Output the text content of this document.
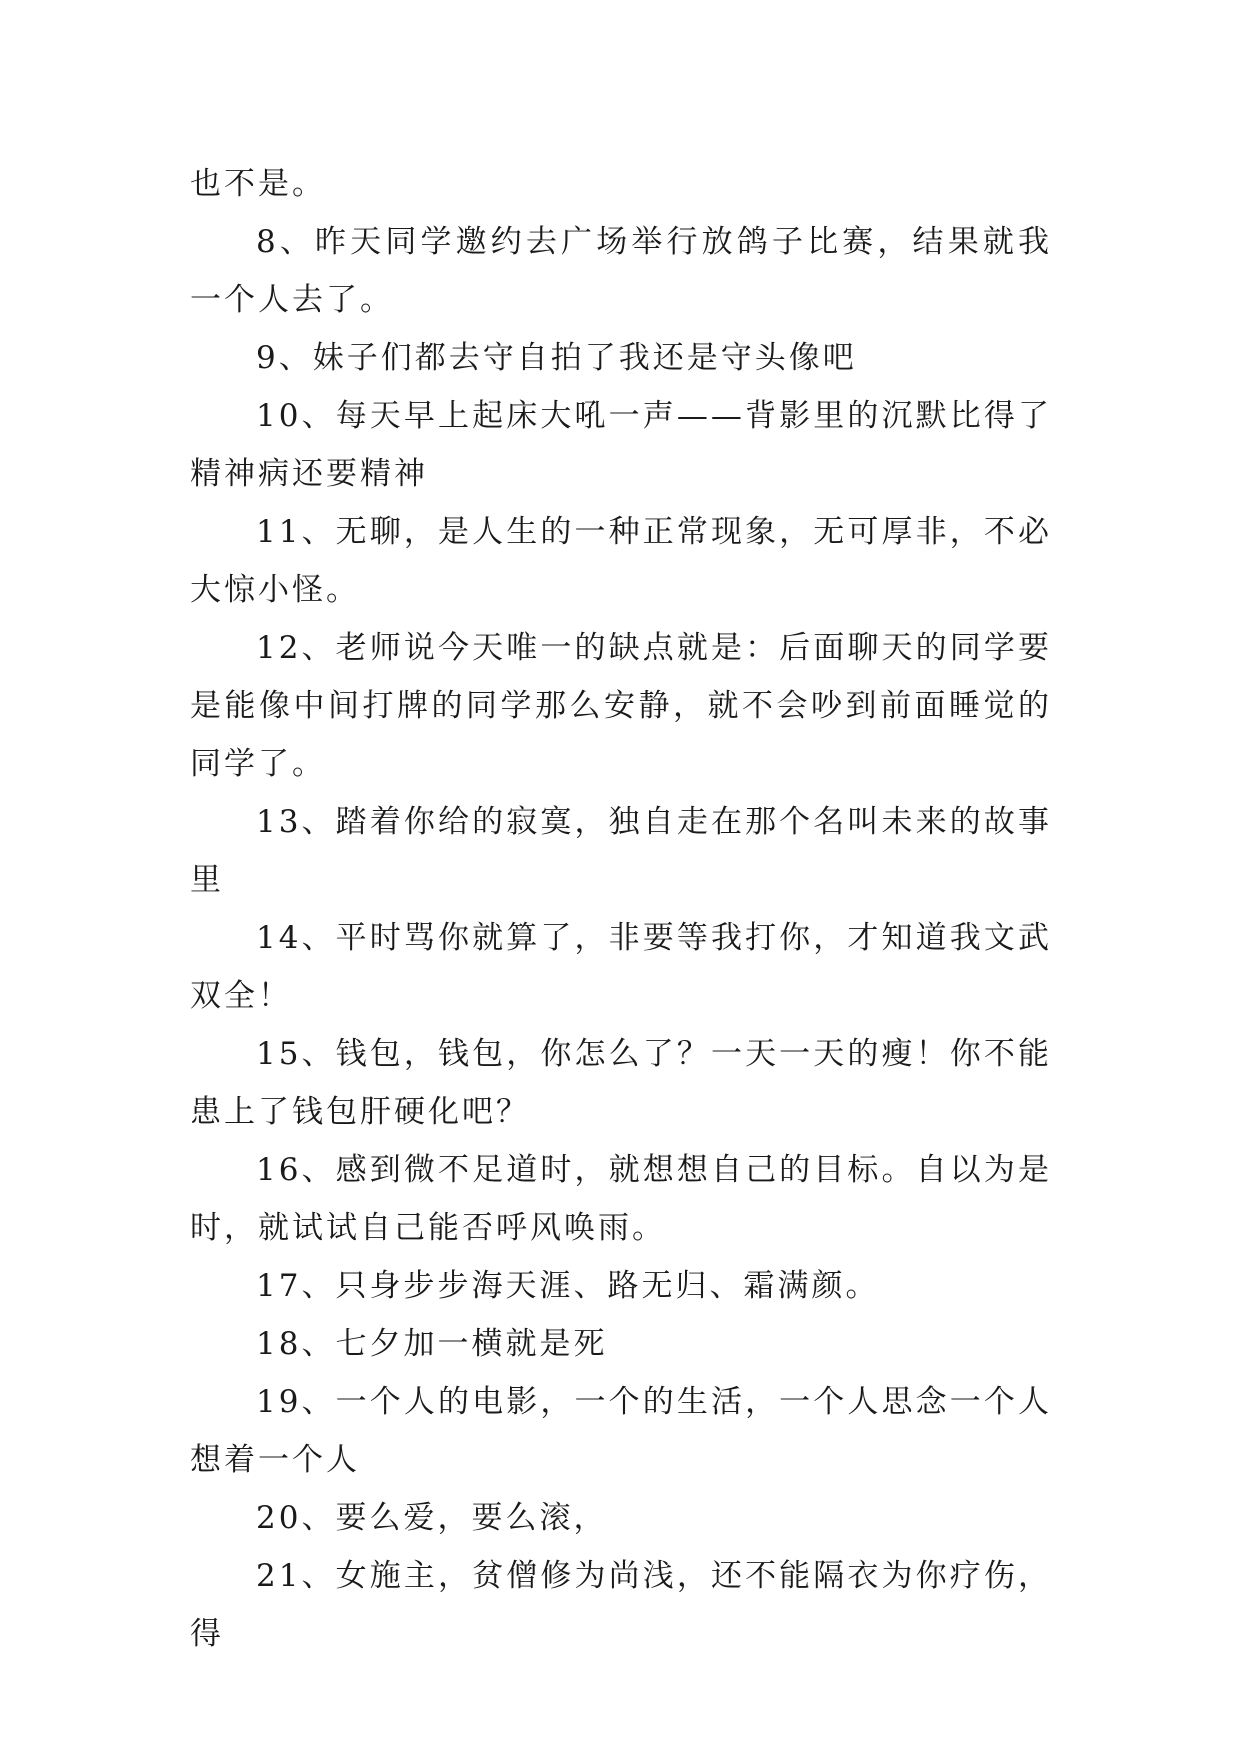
也不是。

8、昨天同学邀约去广场举行放鸽子比赛，结果就我一个人去了。

9、妹子们都去守自拍了我还是守头像吧

10、每天早上起床大吼一声——背影里的沉默比得了精神病还要精神

11、无聊，是人生的一种正常现象，无可厚非，不必大惊小怪。

12、老师说今天唯一的缺点就是：后面聊天的同学要是能像中间打牌的同学那么安静，就不会吵到前面睡觉的同学了。

13、踏着你给的寂寞，独自走在那个名叫未来的故事里

14、平时骂你就算了，非要等我打你，才知道我文武双全！

15、钱包，钱包，你怎么了？一天一天的瘦！你不能患上了钱包肝硬化吧？

16、感到微不足道时，就想想自己的目标。自以为是时，就试试自己能否呼风唤雨。

17、只身步步海天涯、路无归、霜满颜。

18、七夕加一横就是死

19、一个人的电影，一个的生活，一个人思念一个人想着一个人

20、要么爱，要么滚，

21、女施主，贫僧修为尚浅，还不能隔衣为你疗伤，得
